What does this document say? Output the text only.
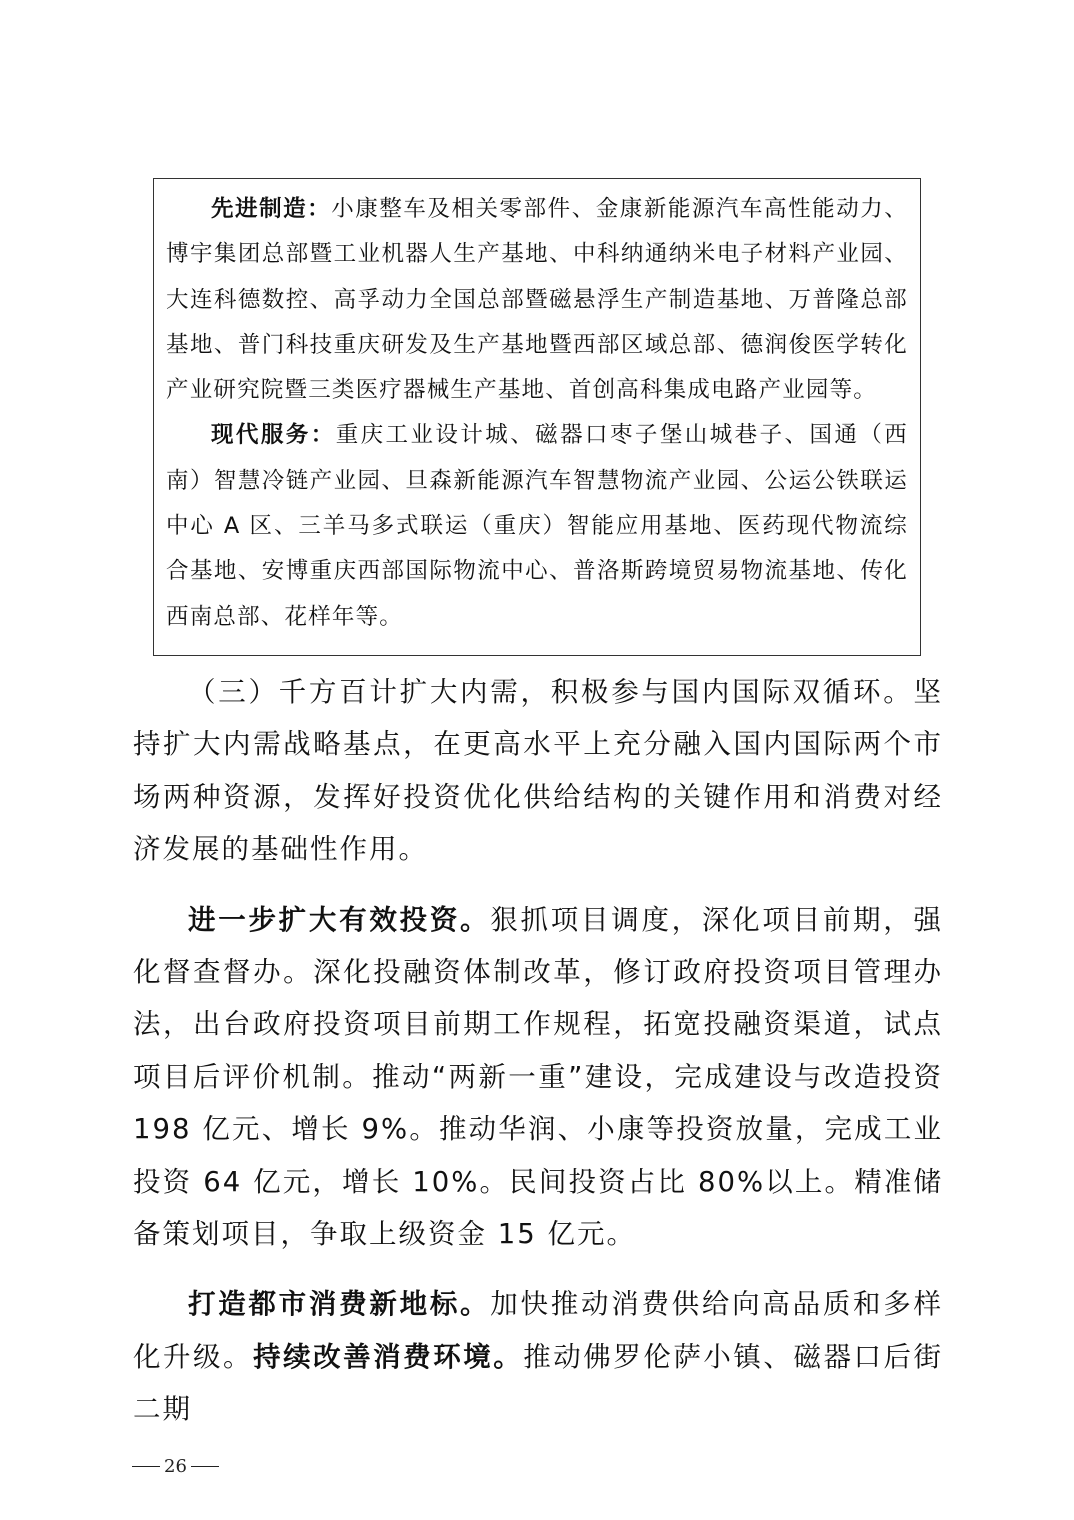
先进制造：小康整车及相关零部件、金康新能源汽车高性能动力、博宇集团总部暨工业机器人生产基地、中科纳通纳米电子材料产业园、大连科德数控、高孚动力全国总部暨磁悬浮生产制造基地、万普隆总部基地、普门科技重庆研发及生产基地暨西部区域总部、德润俊医学转化产业研究院暨三类医疗器械生产基地、首创高科集成电路产业园等。

现代服务：重庆工业设计城、磁器口枣子堡山城巷子、国通（西南）智慧冷链产业园、旦森新能源汽车智慧物流产业园、公运公铁联运中心 A 区、三羊马多式联运（重庆）智能应用基地、医药现代物流综合基地、安博重庆西部国际物流中心、普洛斯跨境贸易物流基地、传化西南总部、花样年等。

（三）千方百计扩大内需，积极参与国内国际双循环。坚持扩大内需战略基点，在更高水平上充分融入国内国际两个市场两种资源，发挥好投资优化供给结构的关键作用和消费对经济发展的基础性作用。

进一步扩大有效投资。狠抓项目调度，深化项目前期，强化督查督办。深化投融资体制改革，修订政府投资项目管理办法，出台政府投资项目前期工作规程，拓宽投融资渠道，试点项目后评价机制。推动“两新一重”建设，完成建设与改造投资 198 亿元、增长 9%。推动华润、小康等投资放量，完成工业投资 64 亿元，增长 10%。民间投资占比 80%以上。精准储备策划项目，争取上级资金 15 亿元。

打造都市消费新地标。加快推动消费供给向高品质和多样化升级。持续改善消费环境。推动佛罗伦萨小镇、磁器口后街二期

26
